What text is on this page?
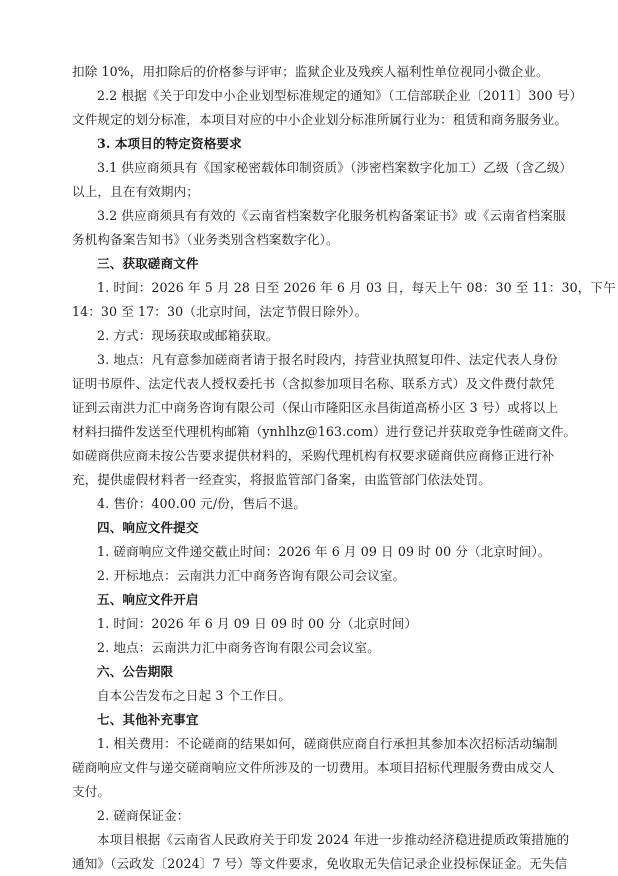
扣除 10%，用扣除后的价格参与评审；监狱企业及残疾人福利性单位视同小微企业。
2.2 根据《关于印发中小企业划型标准规定的通知》（工信部联企业〔2011〕300 号）
文件规定的划分标准，本项目对应的中小企业划分标准所属行业为：租赁和商务服务业。
3. 本项目的特定资格要求
3.1 供应商须具有《国家秘密载体印制资质》（涉密档案数字化加工）乙级（含乙级）
以上，且在有效期内；
3.2 供应商须具有有效的《云南省档案数字化服务机构备案证书》或《云南省档案服
务机构备案告知书》（业务类别含档案数字化）。
三、获取磋商文件
1. 时间：2026 年 5 月 28 日至 2026 年 6 月 03 日，每天上午 08：30 至 11：30，下午
14：30 至 17：30（北京时间，法定节假日除外）。
2. 方式：现场获取或邮箱获取。
3. 地点：凡有意参加磋商者请于报名时段内，持营业执照复印件、法定代表人身份
证明书原件、法定代表人授权委托书（含拟参加项目名称、联系方式）及文件费付款凭
证到云南洪力汇中商务咨询有限公司（保山市隆阳区永昌街道高桥小区 3 号）或将以上
材料扫描件发送至代理机构邮箱（ynhlhz@163.com）进行登记并获取竞争性磋商文件。
如磋商供应商未按公告要求提供材料的，采购代理机构有权要求磋商供应商修正进行补
充，提供虚假材料者一经查实，将报监管部门备案，由监管部门依法处罚。
4. 售价：400.00 元/份，售后不退。
四、响应文件提交
1. 磋商响应文件递交截止时间：2026 年 6 月 09 日 09 时 00 分（北京时间）。
2. 开标地点：云南洪力汇中商务咨询有限公司会议室。
五、响应文件开启
1. 时间：2026 年 6 月 09 日 09 时 00 分（北京时间）
2. 地点：云南洪力汇中商务咨询有限公司会议室。
六、公告期限
自本公告发布之日起 3 个工作日。
七、其他补充事宜
1. 相关费用：不论磋商的结果如何，磋商供应商自行承担其参加本次招标活动编制
磋商响应文件与递交磋商响应文件所涉及的一切费用。本项目招标代理服务费由成交人
支付。
2. 磋商保证金：
本项目根据《云南省人民政府关于印发 2024 年进一步推动经济稳进提质政策措施的
通知》（云政发〔2024〕7 号）等文件要求，免收取无失信记录企业投标保证金。无失信
